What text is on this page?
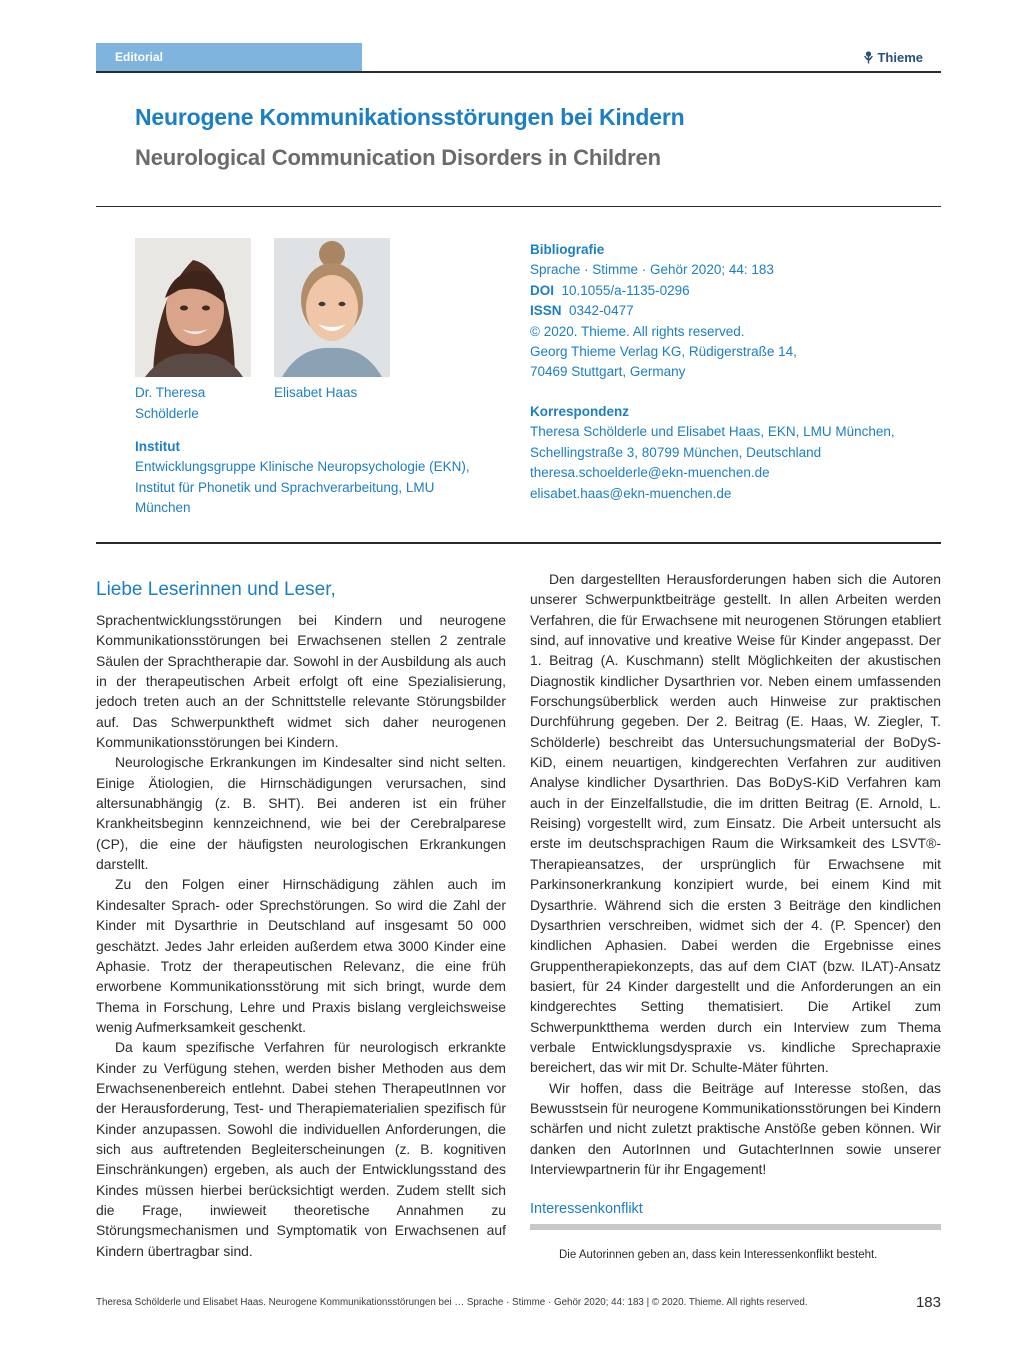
Editorial	Thieme
Neurogene Kommunikationsstörungen bei Kindern
Neurological Communication Disorders in Children
Dr. Theresa
Schölderle
Elisabet Haas
Institut
Entwicklungsgruppe Klinische Neuropsychologie (EKN),
Institut für Phonetik und Sprachverarbeitung, LMU
München
Bibliografie
Sprache · Stimme · Gehör 2020; 44: 183
DOI 10.1055/a-1135-0296
ISSN 0342-0477
© 2020. Thieme. All rights reserved.
Georg Thieme Verlag KG, Rüdigerstraße 14,
70469 Stuttgart, Germany
Korrespondenz
Theresa Schölderle und Elisabet Haas, EKN, LMU München,
Schellingstraße 3, 80799 München, Deutschland
theresa.schoelderle@ekn-muenchen.de
elisabet.haas@ekn-muenchen.de
Liebe Leserinnen und Leser,

Sprachentwicklungsstörungen bei Kindern und neurogene Kommunikationsstörungen bei Erwachsenen stellen 2 zentrale Säulen der Sprachtherapie dar. Sowohl in der Ausbildung als auch in der therapeutischen Arbeit erfolgt oft eine Spezialisierung, jedoch treten auch an der Schnittstelle relevante Störungsbilder auf. Das Schwerpunktheft widmet sich daher neurogenen Kommunikationsstörungen bei Kindern.

Neurologische Erkrankungen im Kindesalter sind nicht selten. Einige Ätiologien, die Hirnschädigungen verursachen, sind altersunabhängig (z. B. SHT). Bei anderen ist ein früher Krankheitsbeginn kennzeichnend, wie bei der Cerebralparese (CP), die eine der häufigsten neurologischen Erkrankungen darstellt.

Zu den Folgen einer Hirnschädigung zählen auch im Kindesalter Sprach- oder Sprechstörungen. So wird die Zahl der Kinder mit Dysarthrie in Deutschland auf insgesamt 50 000 geschätzt. Jedes Jahr erleiden außerdem etwa 3000 Kinder eine Aphasie. Trotz der therapeutischen Relevanz, die eine früh erworbene Kommunikationsstörung mit sich bringt, wurde dem Thema in Forschung, Lehre und Praxis bislang vergleichsweise wenig Aufmerksamkeit geschenkt.

Da kaum spezifische Verfahren für neurologisch erkrankte Kinder zu Verfügung stehen, werden bisher Methoden aus dem Erwachsenenbereich entlehnt. Dabei stehen TherapeutInnen vor der Herausforderung, Test- und Therapiematerialien spezifisch für Kinder anzupassen. Sowohl die individuellen Anforderungen, die sich aus auftretenden Begleiterscheinungen (z. B. kognitiven Einschränkungen) ergeben, als auch der Entwicklungsstand des Kindes müssen hierbei berücksichtigt werden. Zudem stellt sich die Frage, inwieweit theoretische Annahmen zu Störungsmechanismen und Symptomatik von Erwachsenen auf Kindern übertragbar sind.

Den dargestellten Herausforderungen haben sich die Autoren unserer Schwerpunktbeiträge gestellt. In allen Arbeiten werden Verfahren, die für Erwachsene mit neurogenen Störungen etabliert sind, auf innovative und kreative Weise für Kinder angepasst. Der 1. Beitrag (A. Kuschmann) stellt Möglichkeiten der akustischen Diagnostik kindlicher Dysarthrien vor. Neben einem umfassenden Forschungsüberblick werden auch Hinweise zur praktischen Durchführung gegeben. Der 2. Beitrag (E. Haas, W. Ziegler, T. Schölderle) beschreibt das Untersuchungsmaterial der BoDyS-KiD, einem neuartigen, kindgerechten Verfahren zur auditiven Analyse kindlicher Dysarthrien. Das BoDyS-KiD Verfahren kam auch in der Einzelfallstudie, die im dritten Beitrag (E. Arnold, L. Reising) vorgestellt wird, zum Einsatz. Die Arbeit untersucht als erste im deutschsprachigen Raum die Wirksamkeit des LSVT®-Therapieansatzes, der ursprünglich für Erwachsene mit Parkinsonerkrankung konzipiert wurde, bei einem Kind mit Dysarthrie. Während sich die ersten 3 Beiträge den kindlichen Dysarthrien verschreiben, widmet sich der 4. (P. Spencer) den kindlichen Aphasien. Dabei werden die Ergebnisse eines Gruppentherapiekonzepts, das auf dem CIAT (bzw. ILAT)-Ansatz basiert, für 24 Kinder dargestellt und die Anforderungen an ein kindgerechtes Setting thematisiert. Die Artikel zum Schwerpunktthema werden durch ein Interview zum Thema verbale Entwicklungsdyspraxie vs. kindliche Sprechapraxie bereichert, das wir mit Dr. Schulte-Mäter führten.

Wir hoffen, dass die Beiträge auf Interesse stoßen, das Bewusstsein für neurogene Kommunikationsstörungen bei Kindern schärfen und nicht zuletzt praktische Anstöße geben können. Wir danken den AutorInnen und GutachterInnen sowie unserer Interviewpartnerin für ihr Engagement!

Interessenkonflikt
Die Autorinnen geben an, dass kein Interessenkonflikt besteht.
Theresa Schölderle und Elisabet Haas. Neurogene Kommunikationsstörungen bei … Sprache · Stimme · Gehör 2020; 44: 183 | © 2020. Thieme. All rights reserved.	183
